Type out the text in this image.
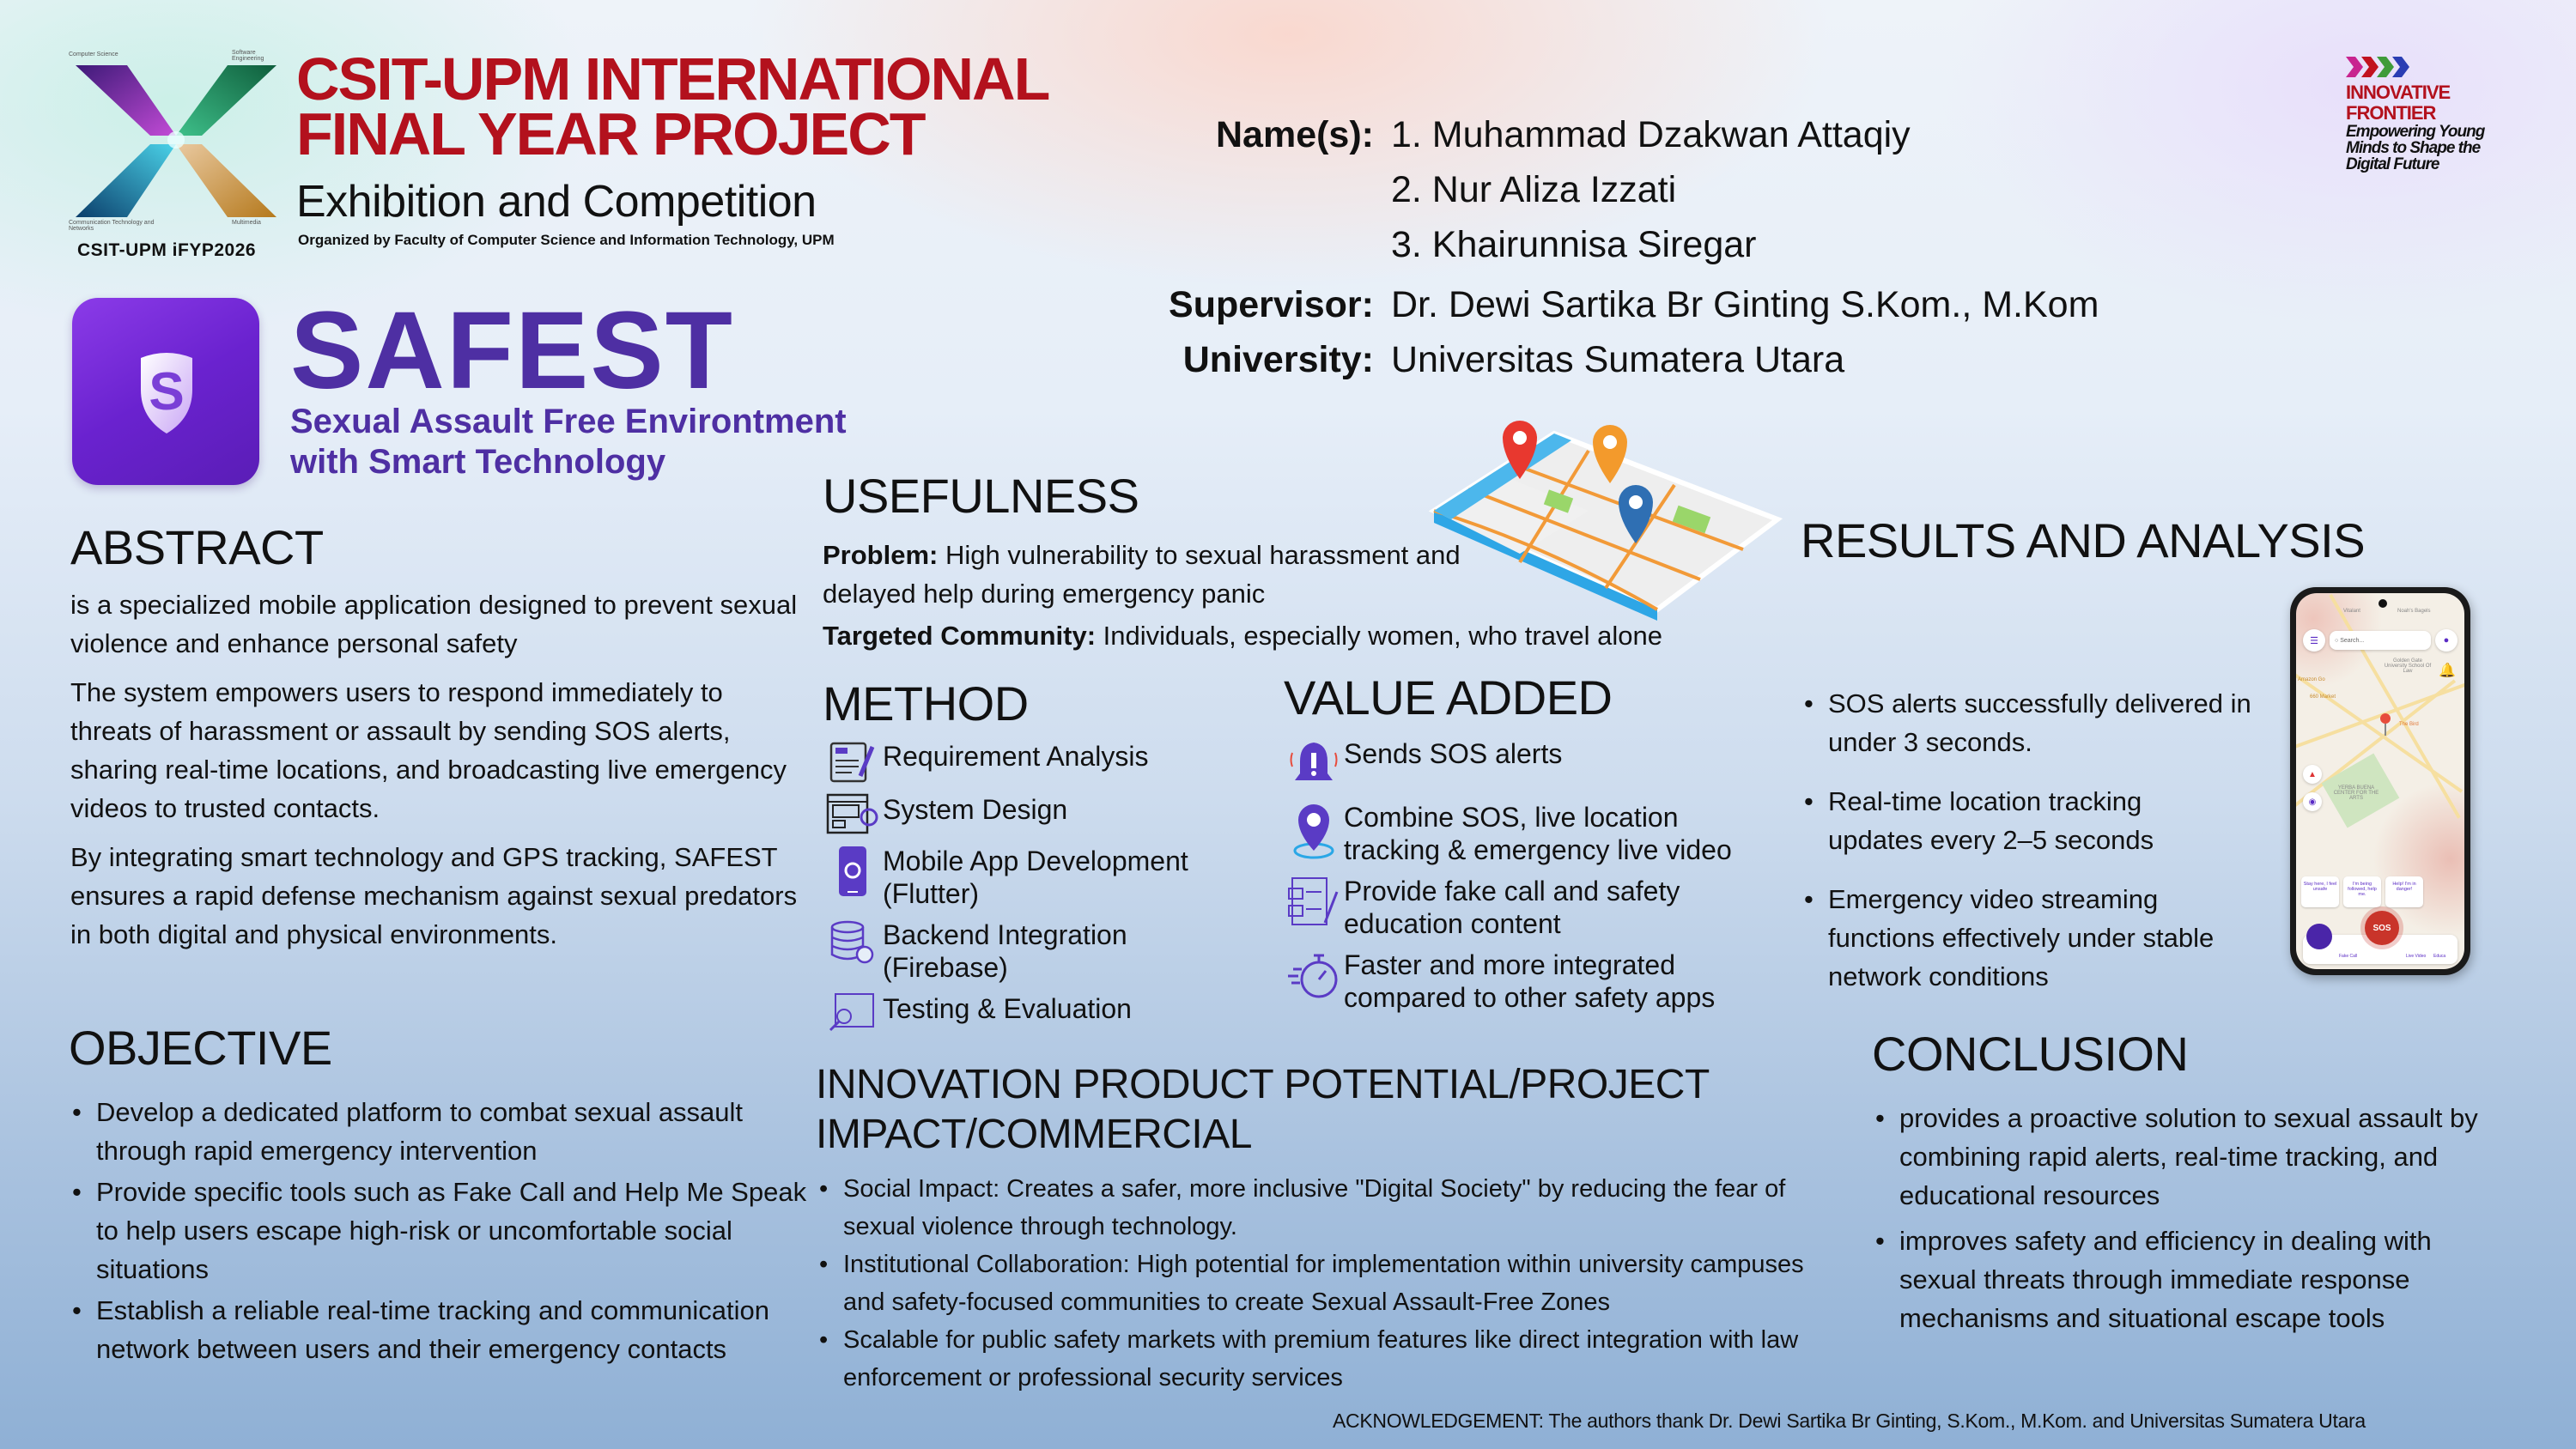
Computer Science	Software Engineering
Communication Technology and Networks
Multimedia
CSIT-UPM iFYP2026
CSIT-UPM INTERNATIONAL
FINAL YEAR PROJECT
Exhibition and Competition
Organized by Faculty of Computer Science and Information Technology, UPM
INNOVATIVE
FRONTIER
Empowering Young Minds to Shape the Digital Future
Name(s): 1. Muhammad Dzakwan Attaqiy
2. Nur Aliza Izzati
3. Khairunnisa Siregar
Supervisor: Dr. Dewi Sartika Br Ginting S.Kom., M.Kom
University: Universitas Sumatera Utara
S SAFEST
Sexual Assault Free Environtment
with Smart Technology
ABSTRACT
is a specialized mobile application designed to prevent sexual violence and enhance personal safety
The system empowers users to respond immediately to threats of harassment or assault by sending SOS alerts, sharing real-time locations, and broadcasting live emergency videos to trusted contacts.
By integrating smart technology and GPS tracking, SAFEST ensures a rapid defense mechanism against sexual predators in both digital and physical environments.
OBJECTIVE
• Develop a dedicated platform to combat sexual assault through rapid emergency intervention
• Provide specific tools such as Fake Call and Help Me Speak to help users escape high-risk or uncomfortable social situations
• Establish a reliable real-time tracking and communication network between users and their emergency contacts
USEFULNESS
Problem: High vulnerability to sexual harassment and delayed help during emergency panic
Targeted Community: Individuals, especially women, who travel alone
METHOD
Requirement Analysis
System Design
Mobile App Development (Flutter)
Backend Integration (Firebase)
Testing & Evaluation
VALUE ADDED
Sends SOS alerts
Combine SOS, live location tracking & emergency live video
Provide fake call and safety education content
Faster and more integrated compared to other safety apps
INNOVATION PRODUCT POTENTIAL/PROJECT IMPACT/COMMERCIAL
• Social Impact: Creates a safer, more inclusive "Digital Society" by reducing the fear of sexual violence through technology.
• Institutional Collaboration: High potential for implementation within university campuses and safety-focused communities to create Sexual Assault-Free Zones
• Scalable for public safety markets with premium features like direct integration with law enforcement or professional security services
RESULTS AND ANALYSIS
• SOS alerts successfully delivered in under 3 seconds.
• Real-time location tracking updates every 2–5 seconds
• Emergency video streaming functions effectively under stable network conditions
Vitalant	Noah's Bagels
Golden Gate University School Of Law
Amazon Go
660 Market
The Bird
YERBA BUENA CENTER FOR THE ARTS
☰	○ Search...	●
🔔
▲
◉
Stay here, I feel unsafe
I'm being followed, help me.
Help! I'm in danger!
SOS
Fake Call	Live Video Educa
CONCLUSION
• provides a proactive solution to sexual assault by combining rapid alerts, real-time tracking, and educational resources
• improves safety and efficiency in dealing with sexual threats through immediate response mechanisms and situational escape tools
ACKNOWLEDGEMENT: The authors thank Dr. Dewi Sartika Br Ginting, S.Kom., M.Kom. and Universitas Sumatera Utara
